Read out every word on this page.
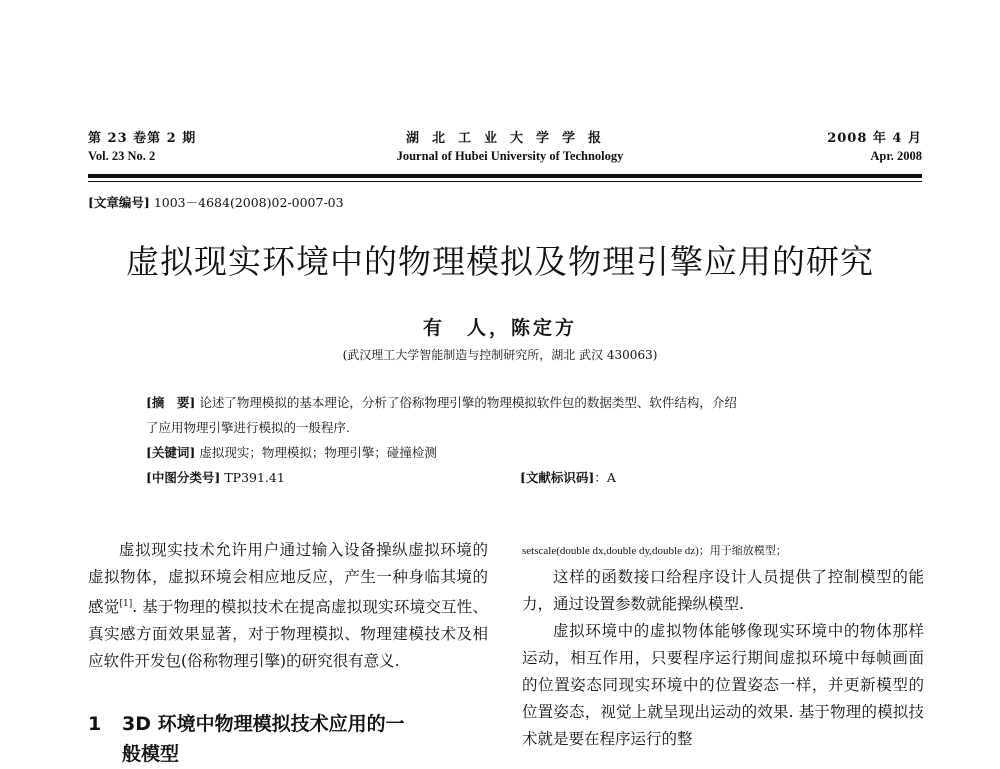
第 23 卷第 2 期
Vol. 23 No. 2
湖北工业大学学报
Journal of Hubei University of Technology
2008 年 4 月
Apr. 2008
[文章编号] 1003－4684(2008)02-0007-03
虚拟现实环境中的物理模拟及物理引擎应用的研究
有　人，陈定方
(武汉理工大学智能制造与控制研究所，湖北 武汉 430063)
[摘　要] 论述了物理模拟的基本理论，分析了俗称物理引擎的物理模拟软件包的数据类型、软件结构，介绍
了应用物理引擎进行模拟的一般程序.
[关键词] 虚拟现实；物理模拟；物理引擎；碰撞检测
[中图分类号] TP391.41	[文献标识码]：A

虚拟现实技术允许用户通过输入设备操纵虚拟环境的虚拟物体，虚拟环境会相应地反应，产生一种身临其境的感觉[1]. 基于物理的模拟技术在提高虚拟现实环境交互性、真实感方面效果显著，对于物理模拟、物理建模技术及相应软件开发包(俗称物理引擎)的研究很有意义.

1 3D 环境中物理模拟技术应用的一
般模型
setscale(double dx,double dy,double dz)；用于缩放模型；

这样的函数接口给程序设计人员提供了控制模型的能力，通过设置参数就能操纵模型.

虚拟环境中的虚拟物体能够像现实环境中的物体那样运动，相互作用，只要程序运行期间虚拟环境中每帧画面的位置姿态同现实环境中的位置姿态一样，并更新模型的位置姿态，视觉上就呈现出运动的效果. 基于物理的模拟技术就是要在程序运行的整
